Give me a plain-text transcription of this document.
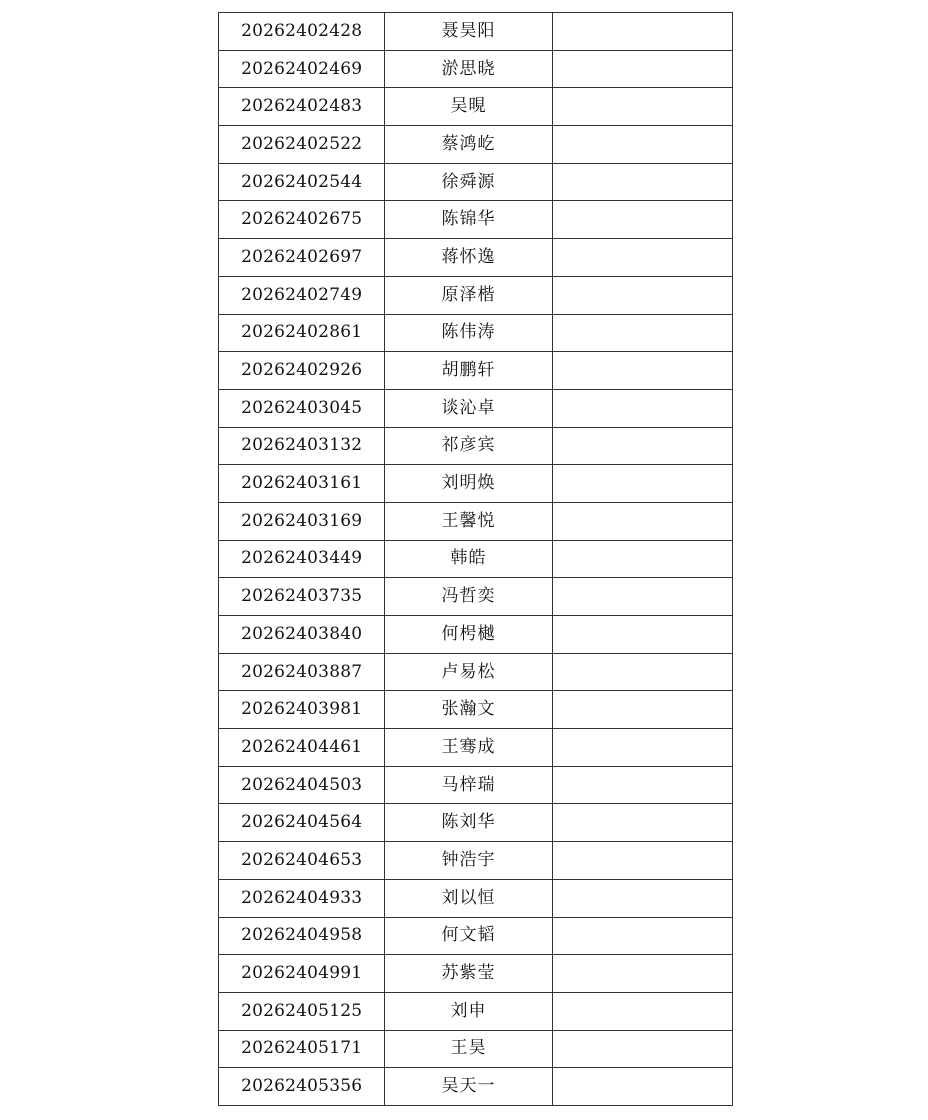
20262402428	聂昊阳	
20262402469	淤思晓	
20262402483	吴晛	
20262402522	蔡鸿屹	
20262402544	徐舜源	
20262402675	陈锦华	
20262402697	蒋怀逸	
20262402749	原泽楷	
20262402861	陈伟涛	
20262402926	胡鹏轩	
20262403045	谈沁卓	
20262403132	祁彦宾	
20262403161	刘明焕	
20262403169	王馨悦	
20262403449	韩皓	
20262403735	冯哲奕	
20262403840	何枵樾	
20262403887	卢易松	
20262403981	张瀚文	
20262404461	王骞成	
20262404503	马梓瑞	
20262404564	陈刘华	
20262404653	钟浩宇	
20262404933	刘以恒	
20262404958	何文韬	
20262404991	苏紫莹	
20262405125	刘申	
20262405171	王昊	
20262405356	吴天一	
